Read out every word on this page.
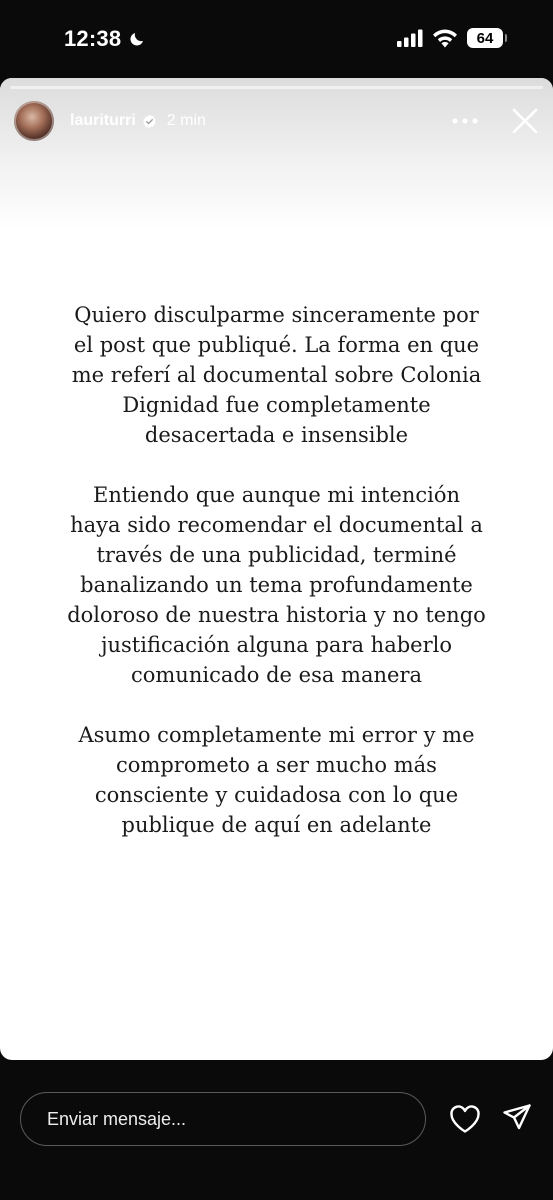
12:38	64
lauriturri 2 min

Quiero disculparme sinceramente por
el post que publiqué. La forma en que
me referí al documental sobre Colonia
Dignidad fue completamente
desacertada e insensible

Entiendo que aunque mi intención
haya sido recomendar el documental a
través de una publicidad, terminé
banalizando un tema profundamente
doloroso de nuestra historia y no tengo
justificación alguna para haberlo
comunicado de esa manera

Asumo completamente mi error y me
comprometo a ser mucho más
consciente y cuidadosa con lo que
publique de aquí en adelante

Enviar mensaje...
